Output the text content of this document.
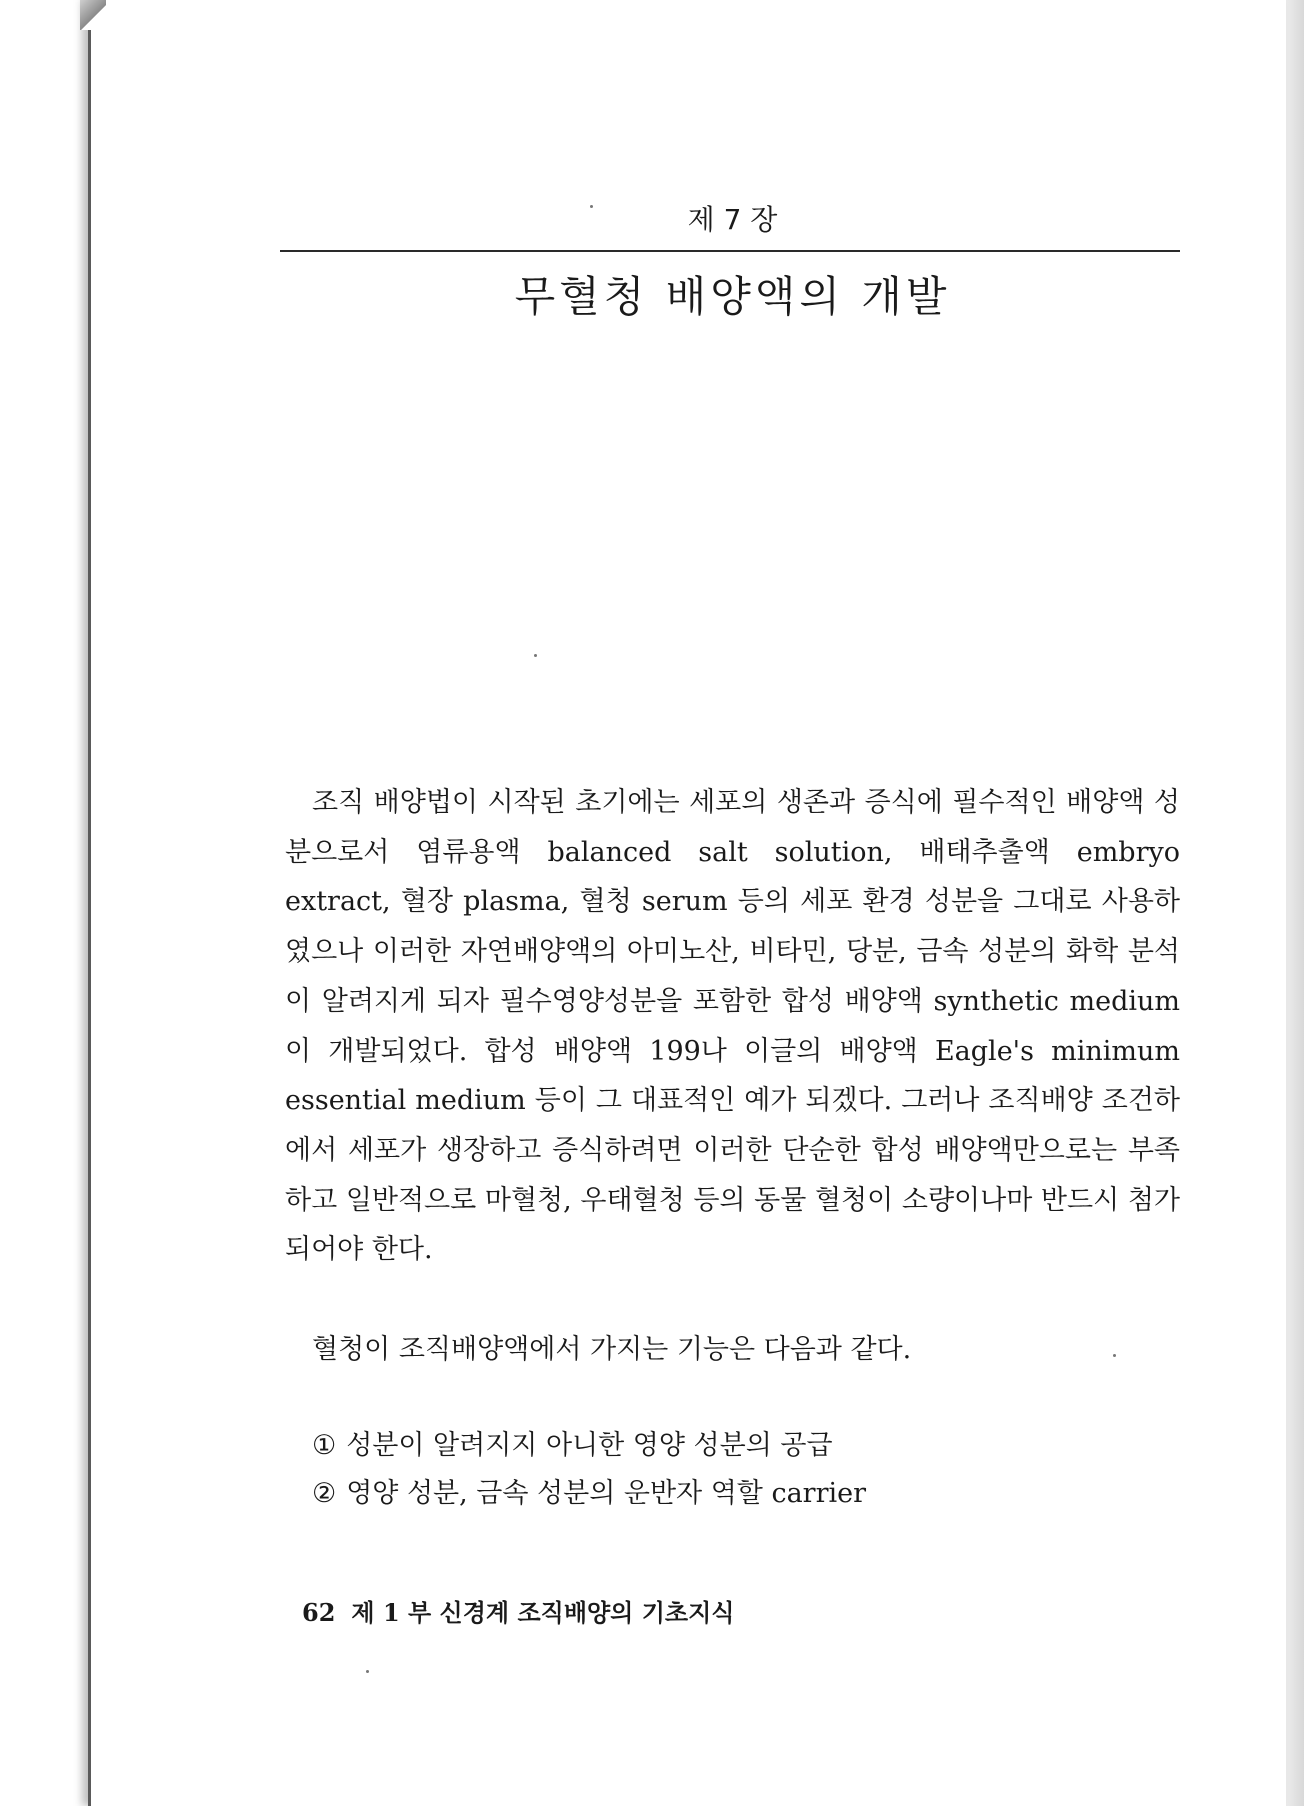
제 7 장
무혈청 배양액의 개발

조직 배양법이 시작된 초기에는 세포의 생존과 증식에 필수적인 배양액 성분으로서 염류용액 balanced salt solution, 배태추출액 embryo extract, 혈장 plasma, 혈청 serum 등의 세포 환경 성분을 그대로 사용하였으나 이러한 자연배양액의 아미노산, 비타민, 당분, 금속 성분의 화학 분석이 알려지게 되자 필수영양성분을 포함한 합성 배양액 synthetic medium 이 개발되었다. 합성 배양액 199나 이글의 배양액 Eagle's minimum essential medium 등이 그 대표적인 예가 되겠다. 그러나 조직배양 조건하에서 세포가 생장하고 증식하려면 이러한 단순한 합성 배양액만으로는 부족하고 일반적으로 마혈청, 우태혈청 등의 동물 혈청이 소량이나마 반드시 첨가되어야 한다.

혈청이 조직배양액에서 가지는 기능은 다음과 같다.

① 성분이 알려지지 아니한 영양 성분의 공급
② 영양 성분, 금속 성분의 운반자 역할 carrier
62 제 1 부 신경계 조직배양의 기초지식
